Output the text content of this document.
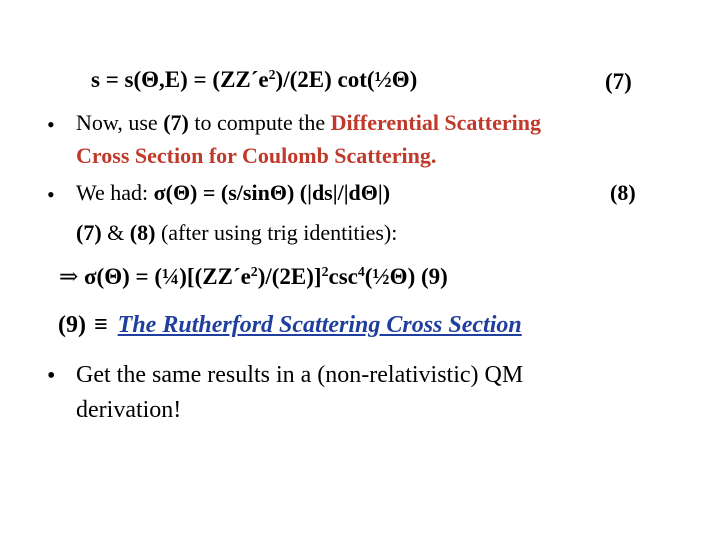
$s = s(\Theta,E) = (ZZ´e^2)/(2E)$ cot(½Θ)	(7)
• Now, use (7) to compute the Differential Scattering
Cross Section for Coulomb Scattering.
• We had: σ(Θ) = (s/sinΘ) (|ds|/|dΘ|)	(8)
(7) & (8) (after using trig identities):
⇒ $\sigma(\Theta) = (\frac{1}{4})[(ZZ´e^2)/(2E)]^2\csc^4(\frac{1}{2}\Theta)$ (9)
(9) ≡ The Rutherford Scattering Cross Section
• Get the same results in a (non-relativistic) QM
derivation!
